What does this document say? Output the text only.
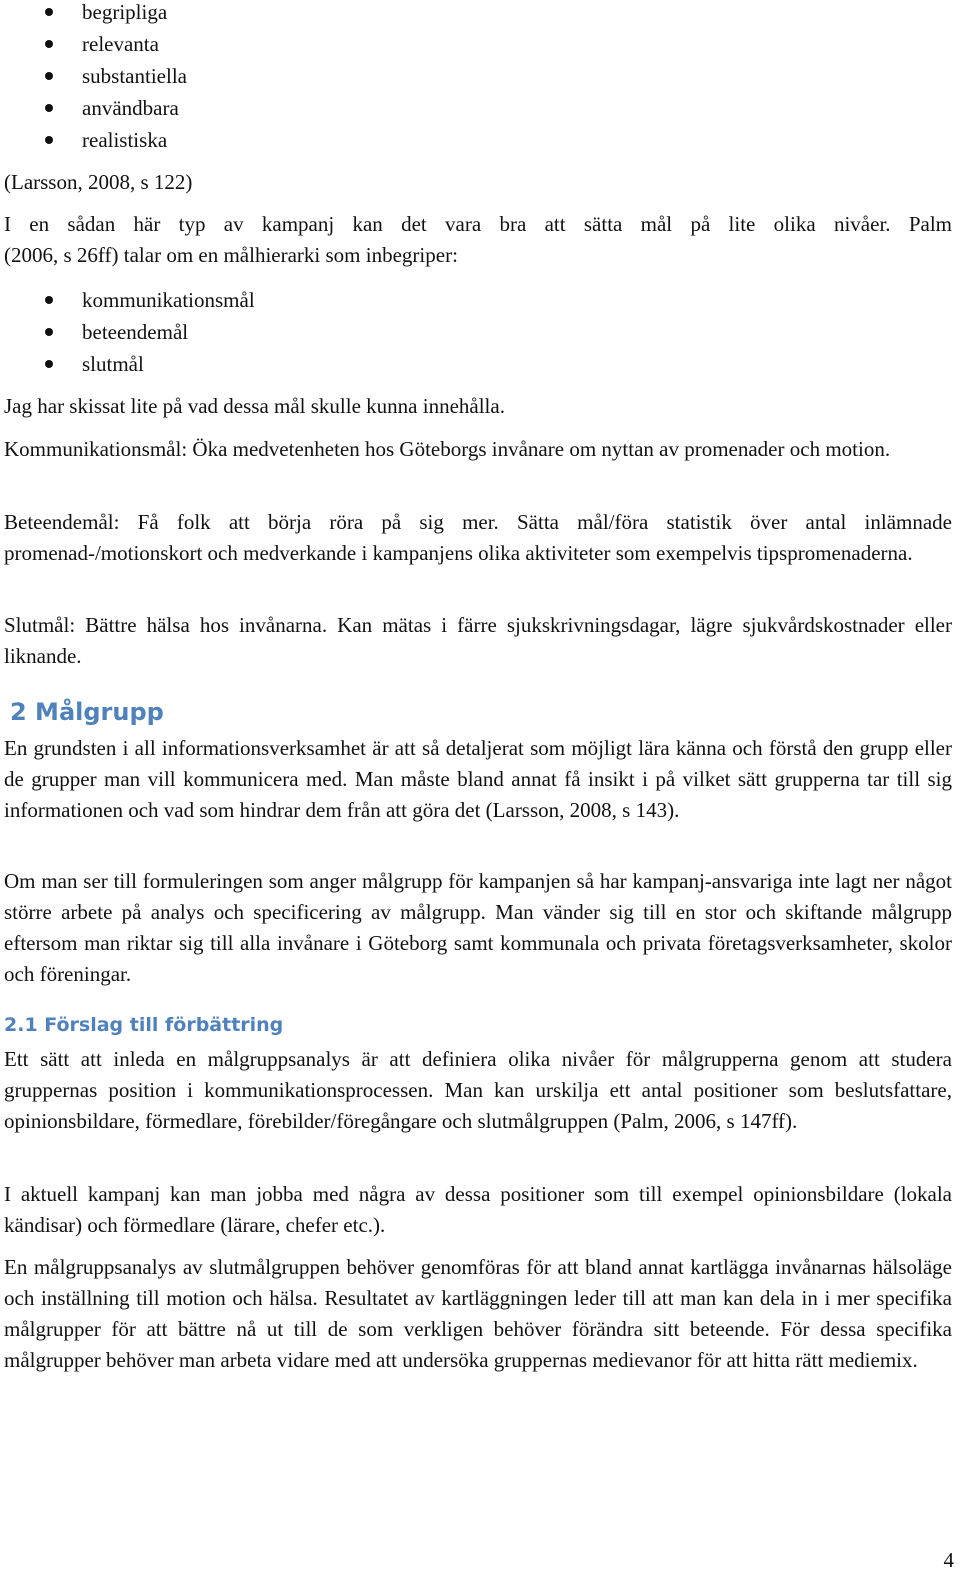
begripliga
relevanta
substantiella
användbara
realistiska

(Larsson, 2008, s 122)

I en sådan här typ av kampanj kan det vara bra att sätta mål på lite olika nivåer. Palm

(2006, s 26ff) talar om en målhierarki som inbegriper:

kommunikationsmål
beteendemål
slutmål

Jag har skissat lite på vad dessa mål skulle kunna innehålla.

Kommunikationsmål: Öka medvetenheten hos Göteborgs invånare om nyttan av promenader och motion.

Beteendemål: Få folk att börja röra på sig mer. Sätta mål/föra statistik över antal inlämnade promenad-/motionskort och medverkande i kampanjens olika aktiviteter som exempelvis tipspromenaderna.

Slutmål: Bättre hälsa hos invånarna. Kan mätas i färre sjukskrivningsdagar, lägre sjukvårdskostnader eller liknande.

2 Målgrupp

En grundsten i all informationsverksamhet är att så detaljerat som möjligt lära känna och förstå den grupp eller de grupper man vill kommunicera med. Man måste bland annat få insikt i på vilket sätt grupperna tar till sig informationen och vad som hindrar dem från att göra det (Larsson, 2008, s 143).

Om man ser till formuleringen som anger målgrupp för kampanjen så har kampanj-ansvariga inte lagt ner något större arbete på analys och specificering av målgrupp. Man vänder sig till en stor och skiftande målgrupp eftersom man riktar sig till alla invånare i Göteborg samt kommunala och privata företagsverksamheter, skolor och föreningar.

2.1 Förslag till förbättring

Ett sätt att inleda en målgruppsanalys är att definiera olika nivåer för målgrupperna genom att studera gruppernas position i kommunikationsprocessen. Man kan urskilja ett antal positioner som beslutsfattare, opinionsbildare, förmedlare, förebilder/föregångare och slutmålgruppen (Palm, 2006, s 147ff).

I aktuell kampanj kan man jobba med några av dessa positioner som till exempel opinionsbildare (lokala kändisar) och förmedlare (lärare, chefer etc.).

En målgruppsanalys av slutmålgruppen behöver genomföras för att bland annat kartlägga invånarnas hälsoläge och inställning till motion och hälsa. Resultatet av kartläggningen leder till att man kan dela in i mer specifika målgrupper för att bättre nå ut till de som verkligen behöver förändra sitt beteende. För dessa specifika målgrupper behöver man arbeta vidare med att undersöka gruppernas medievanor för att hitta rätt mediemix.

4
